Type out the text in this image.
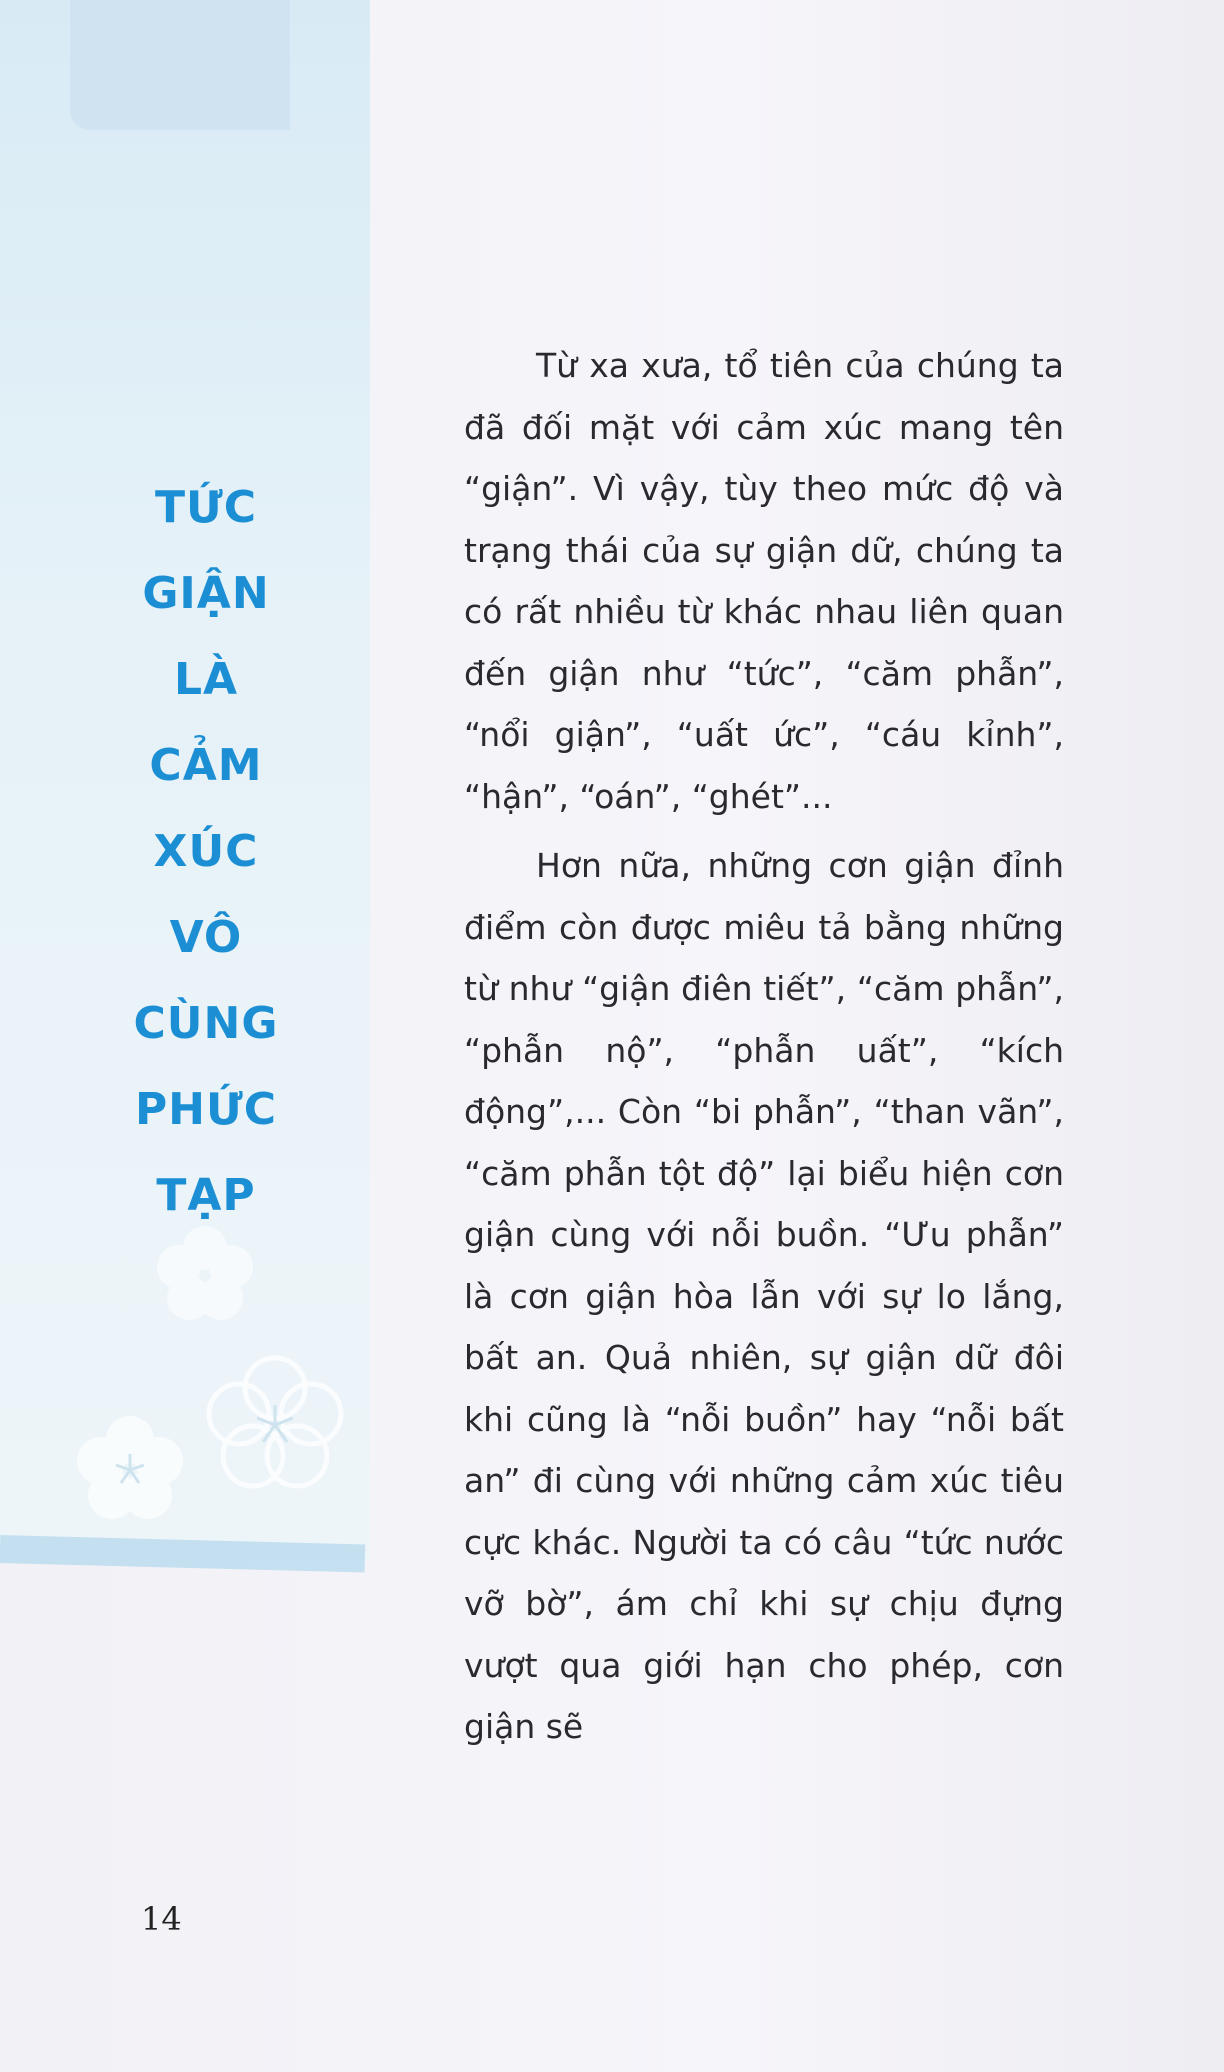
TỨC
GIẬN
LÀ
CẢM
XÚC
VÔ
CÙNG
PHỨC
TẠP

Từ xa xưa, tổ tiên của chúng ta đã đối mặt với cảm xúc mang tên “giận”. Vì vậy, tùy theo mức độ và trạng thái của sự giận dữ, chúng ta có rất nhiều từ khác nhau liên quan đến giận như “tức”, “căm phẫn”, “nổi giận”, “uất ức”, “cáu kỉnh”, “hận”, “oán”, “ghét”...

Hơn nữa, những cơn giận đỉnh điểm còn được miêu tả bằng những từ như “giận điên tiết”, “căm phẫn”, “phẫn nộ”, “phẫn uất”, “kích động”,... Còn “bi phẫn”, “than vãn”, “căm phẫn tột độ” lại biểu hiện cơn giận cùng với nỗi buồn. “Ưu phẫn” là cơn giận hòa lẫn với sự lo lắng, bất an. Quả nhiên, sự giận dữ đôi khi cũng là “nỗi buồn” hay “nỗi bất an” đi cùng với những cảm xúc tiêu cực khác. Người ta có câu “tức nước vỡ bờ”, ám chỉ khi sự chịu đựng vượt qua giới hạn cho phép, cơn giận sẽ

14
